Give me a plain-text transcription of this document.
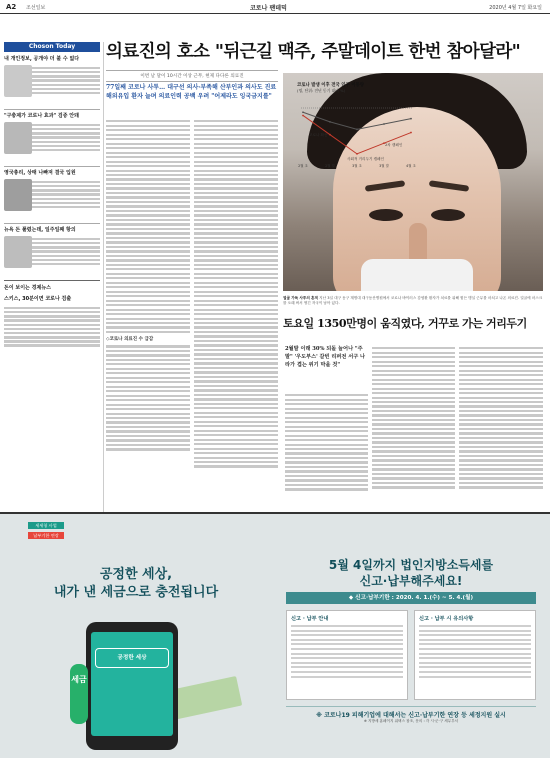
A2 조선일보	코로나 팬데믹	2020년 4월 7일 화요일
Choson Today
내 개인정보, 공개야 더 불 수 없다
"구충제가 코로나 효과" 검증 안돼
영국총리, 상태 나빠져 결국 입원
뉴욕 돈 풀렸는데, 일주일째 항의
돈이 보이는 경제뉴스
스키스, 30분이면 코로나 검출
의료진의 호소 "뒤근길 맥주, 주말데이트 한번 참아달라"
이번 날 달이 10시간 이상 근무, 현제 다다른 의료진
77일째 코로나 사투… 대구선 의사·부족해 산부인과 의사도 진료 해외유입 환자 늘며 의료인력 공백 우려 "어제라도 잉국금지를"
◇코로나 의료진 수 급감
코로나 발생 이후 전국 인구 이동량
(명, 단위: 전년 동기 대비 %)
코로나 확산
사회적 거리두기 캠페인
2차 캠페인
2월 초	2월 말	3월 초	3월 말	4월 초
얼굴 가득 사투의 흔적 지난 3일 대구 동구 계명대 대구동산병원에서 코로나 바이러스 감염환 환자가 치료를 위해 힘든 병실 근무를 마치고 나온 의료진. 얼굴에 마스크를 오래 써서 생긴 자국이 남아 있다.
토요일 1350만명이 움직였다, 거꾸로 가는 거리두기
2월말 이래 30% 되돌 늘어나 "주말" '우도부스' 갈빈 리퍼전 서구 나라가 겹는 위기 막을 것"
세세청 사업
납부기한 연장
공정한 세상,
내가 낸 세금으로 충전됩니다
공정한 세상
세금
5월 4일까지 법인지방소득세를
신고·납부해주세요!
◆ 신고·납부기한 : 2020. 4. 1.(수) ~ 5. 4.(월)
신고 · 납부 안내	신고 · 납부 시 유의사항
※ 코로나19 피해기업에 대해서는 신고·납부기한 연장 등 세정지원 실시
※ 지방세 홈페이지 위택스 참조, 문의 : 각 시·군·구 세무부서
